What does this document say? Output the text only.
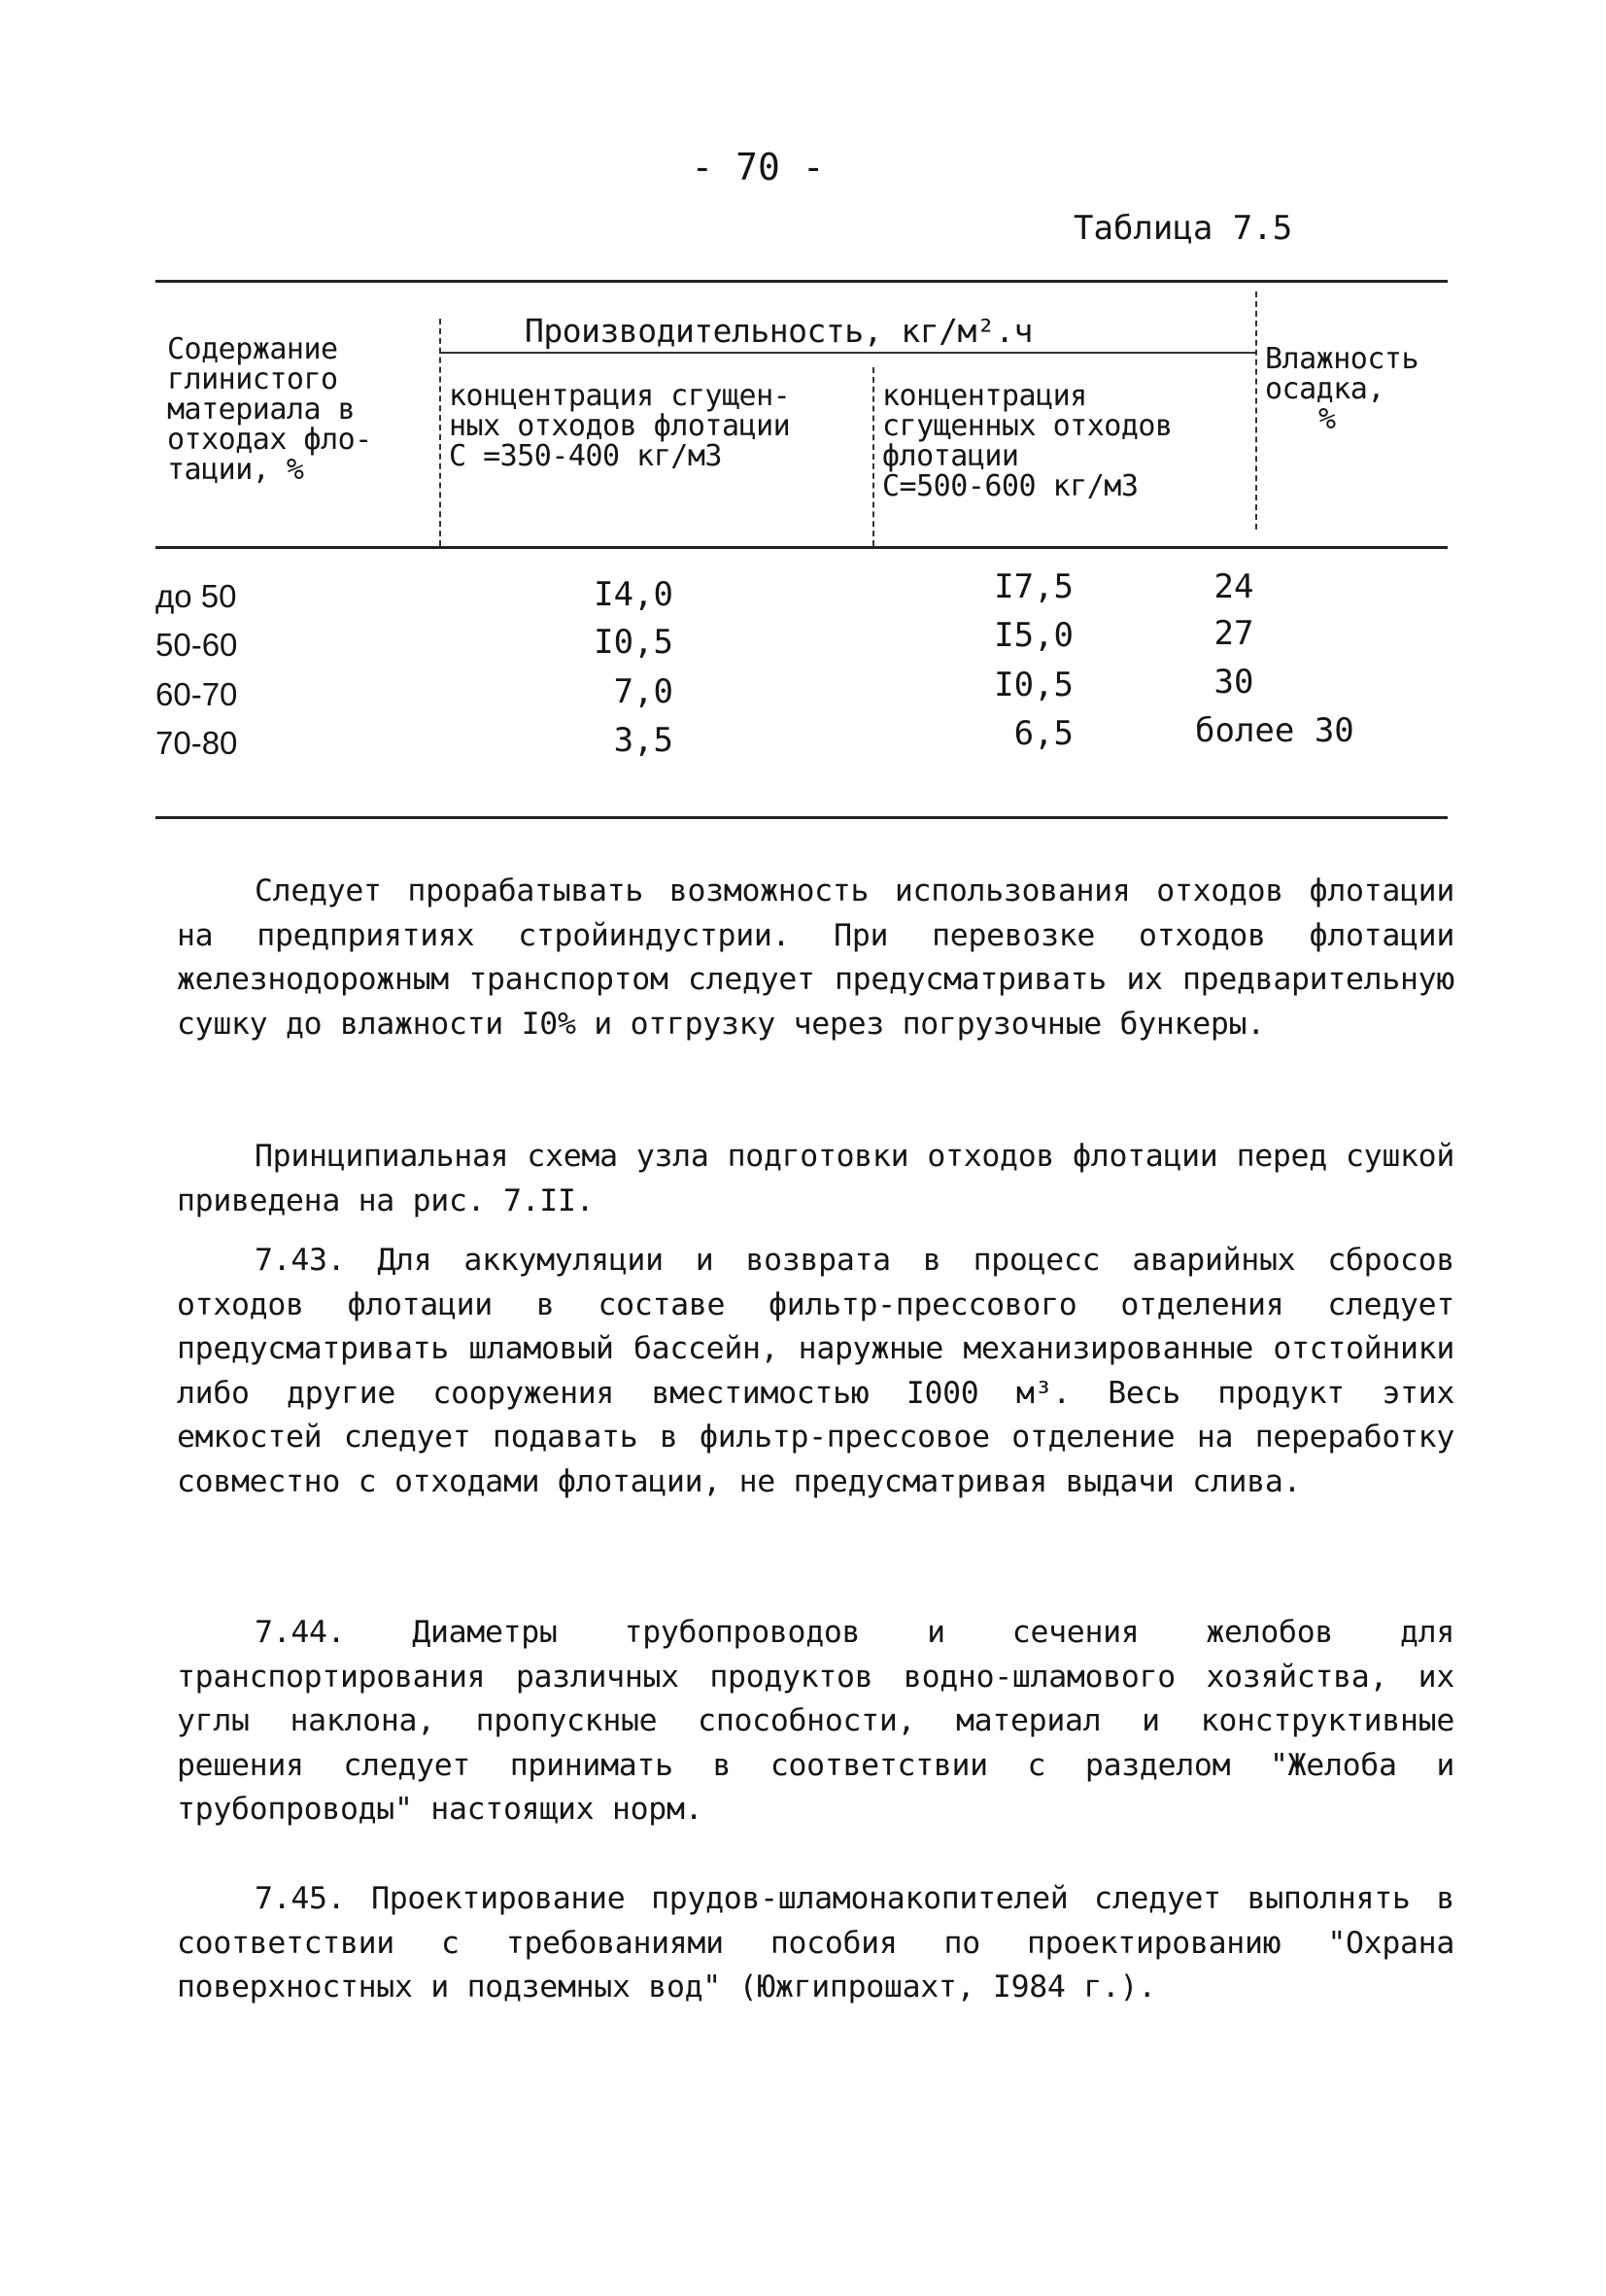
- 70 -
Таблица 7.5
Содержание
глинистого
материала в
отходах фло-
тации, %
Производительность, кг/м².ч
концентрация сгущен-
ных отходов флотации
С =350-400 кг/м3
концентрация
сгущенных отходов
флотации
С=500-600 кг/м3
Влажность
осадка,
%
до 50	I4,0	I7,5	24
50-60	I0,5	I5,0	27
60-70	7,0	I0,5	30
70-80	3,5	6,5	более 30
Следует прорабатывать возможность использования отходов флотации на предприятиях стройиндустрии. При перевозке отходов флотации железнодорожным транспортом следует предусматривать их предварительную сушку до влажности I0% и отгрузку через погрузочные бункеры.
Принципиальная схема узла подготовки отходов флотации перед сушкой приведена на рис. 7.II.
7.43. Для аккумуляции и возврата в процесс аварийных сбросов отходов флотации в составе фильтр-прессового отделения следует предусматривать шламовый бассейн, наружные механизированные отстойники либо другие сооружения вместимостью I000 м³. Весь продукт этих емкостей следует подавать в фильтр-прессовое отделение на переработку совместно с отходами флотации, не предусматривая выдачи слива.
7.44. Диаметры трубопроводов и сечения желобов для транспортирования различных продуктов водно-шламового хозяйства, их углы наклона, пропускные способности, материал и конструктивные решения следует принимать в соответствии с разделом "Желоба и трубопроводы" настоящих норм.
7.45. Проектирование прудов-шламонакопителей следует выполнять в соответствии с требованиями пособия по проектированию "Охрана поверхностных и подземных вод" (Южгипрошахт, I984 г.).
